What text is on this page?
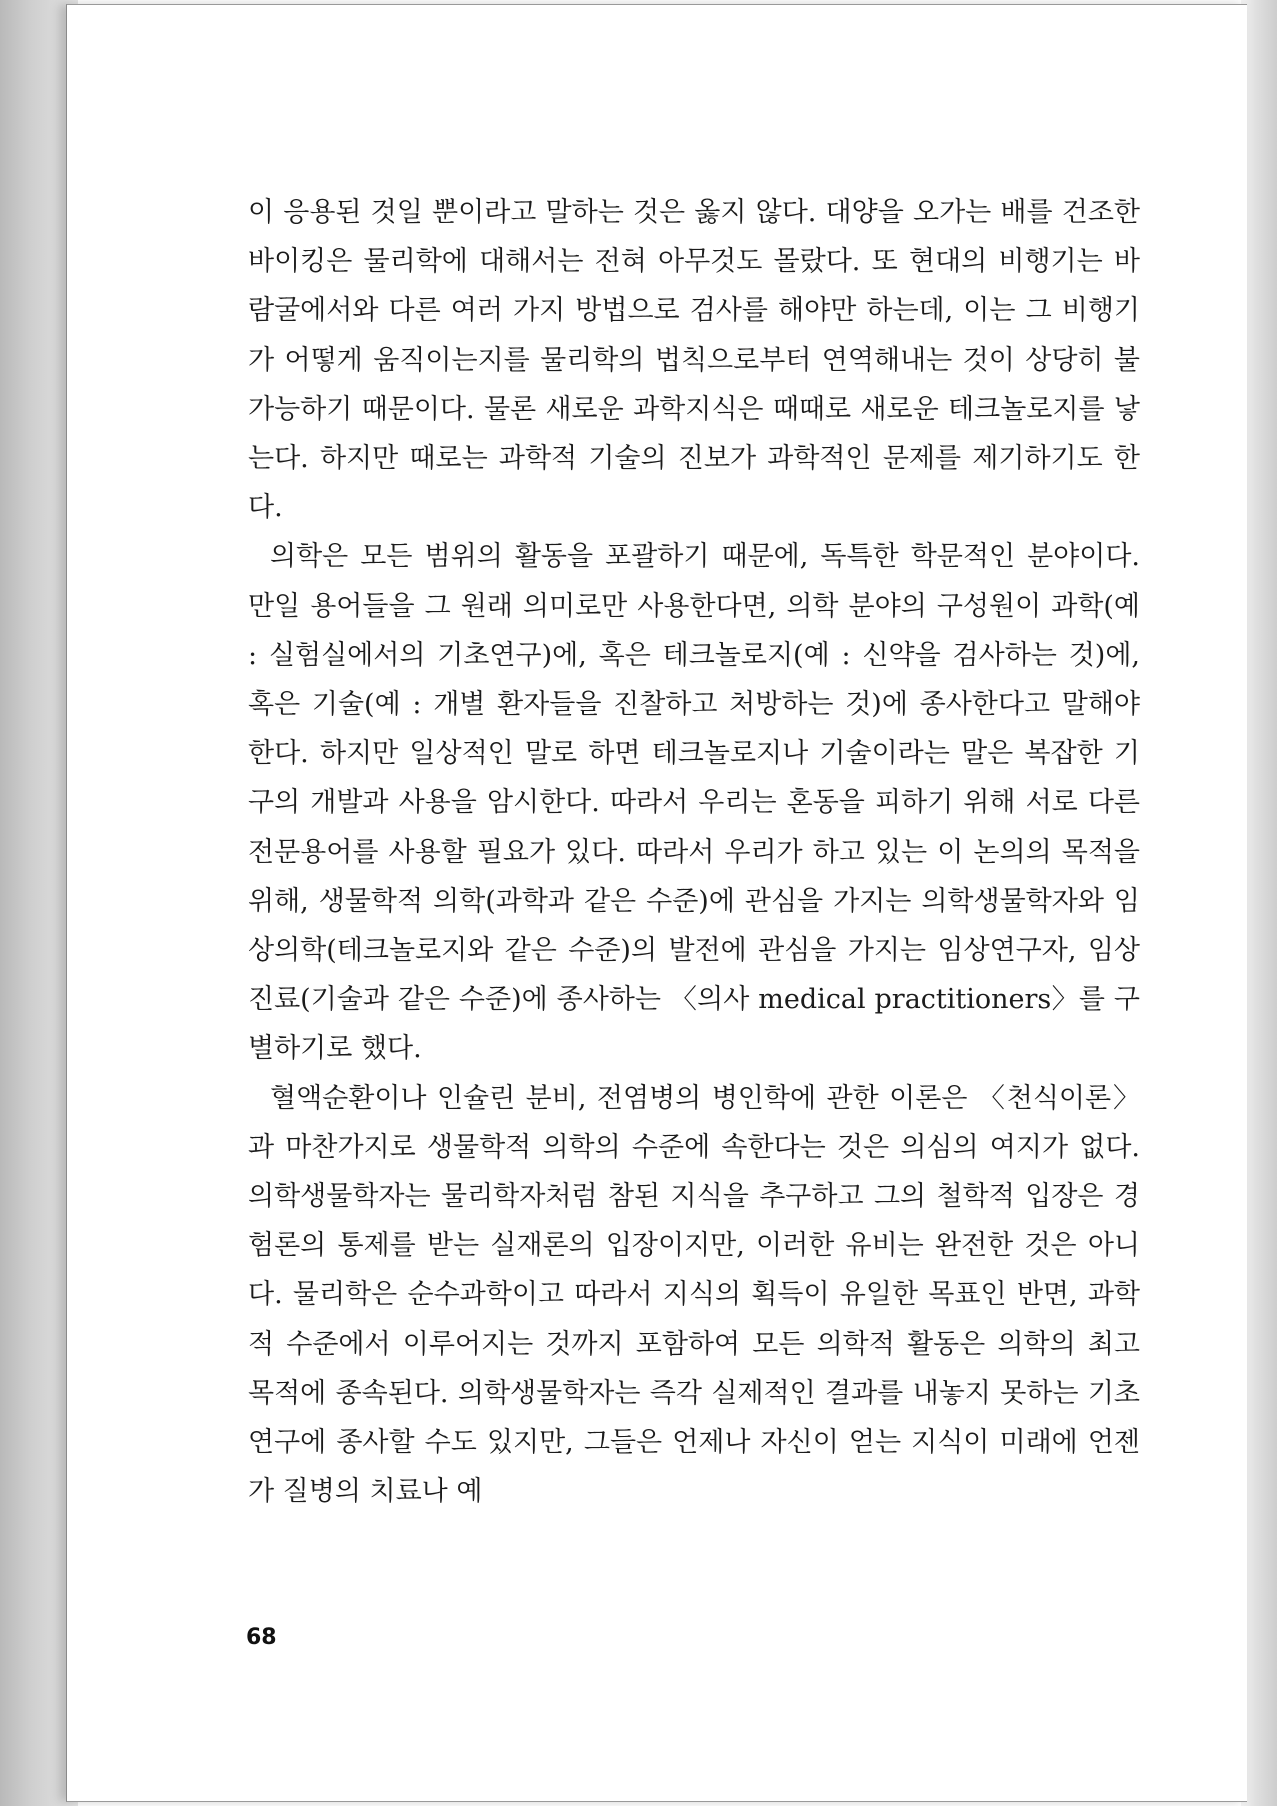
이 응용된 것일 뿐이라고 말하는 것은 옳지 않다. 대양을 오가는 배를 건조한 바이킹은 물리학에 대해서는 전혀 아무것도 몰랐다. 또 현대의 비행기는 바람굴에서와 다른 여러 가지 방법으로 검사를 해야만 하는데, 이는 그 비행기가 어떻게 움직이는지를 물리학의 법칙으로부터 연역해내는 것이 상당히 불가능하기 때문이다. 물론 새로운 과학지식은 때때로 새로운 테크놀로지를 낳는다. 하지만 때로는 과학적 기술의 진보가 과학적인 문제를 제기하기도 한다.

의학은 모든 범위의 활동을 포괄하기 때문에, 독특한 학문적인 분야이다. 만일 용어들을 그 원래 의미로만 사용한다면, 의학 분야의 구성원이 과학(예 : 실험실에서의 기초연구)에, 혹은 테크놀로지(예 : 신약을 검사하는 것)에, 혹은 기술(예 : 개별 환자들을 진찰하고 처방하는 것)에 종사한다고 말해야 한다. 하지만 일상적인 말로 하면 테크놀로지나 기술이라는 말은 복잡한 기구의 개발과 사용을 암시한다. 따라서 우리는 혼동을 피하기 위해 서로 다른 전문용어를 사용할 필요가 있다. 따라서 우리가 하고 있는 이 논의의 목적을 위해, 생물학적 의학(과학과 같은 수준)에 관심을 가지는 의학생물학자와 임상의학(테크놀로지와 같은 수준)의 발전에 관심을 가지는 임상연구자, 임상진료(기술과 같은 수준)에 종사하는 〈의사 medical practitioners〉를 구별하기로 했다.

혈액순환이나 인슐린 분비, 전염병의 병인학에 관한 이론은 〈천식이론〉과 마찬가지로 생물학적 의학의 수준에 속한다는 것은 의심의 여지가 없다. 의학생물학자는 물리학자처럼 참된 지식을 추구하고 그의 철학적 입장은 경험론의 통제를 받는 실재론의 입장이지만, 이러한 유비는 완전한 것은 아니다. 물리학은 순수과학이고 따라서 지식의 획득이 유일한 목표인 반면, 과학적 수준에서 이루어지는 것까지 포함하여 모든 의학적 활동은 의학의 최고 목적에 종속된다. 의학생물학자는 즉각 실제적인 결과를 내놓지 못하는 기초연구에 종사할 수도 있지만, 그들은 언제나 자신이 얻는 지식이 미래에 언젠가 질병의 치료나 예

68
